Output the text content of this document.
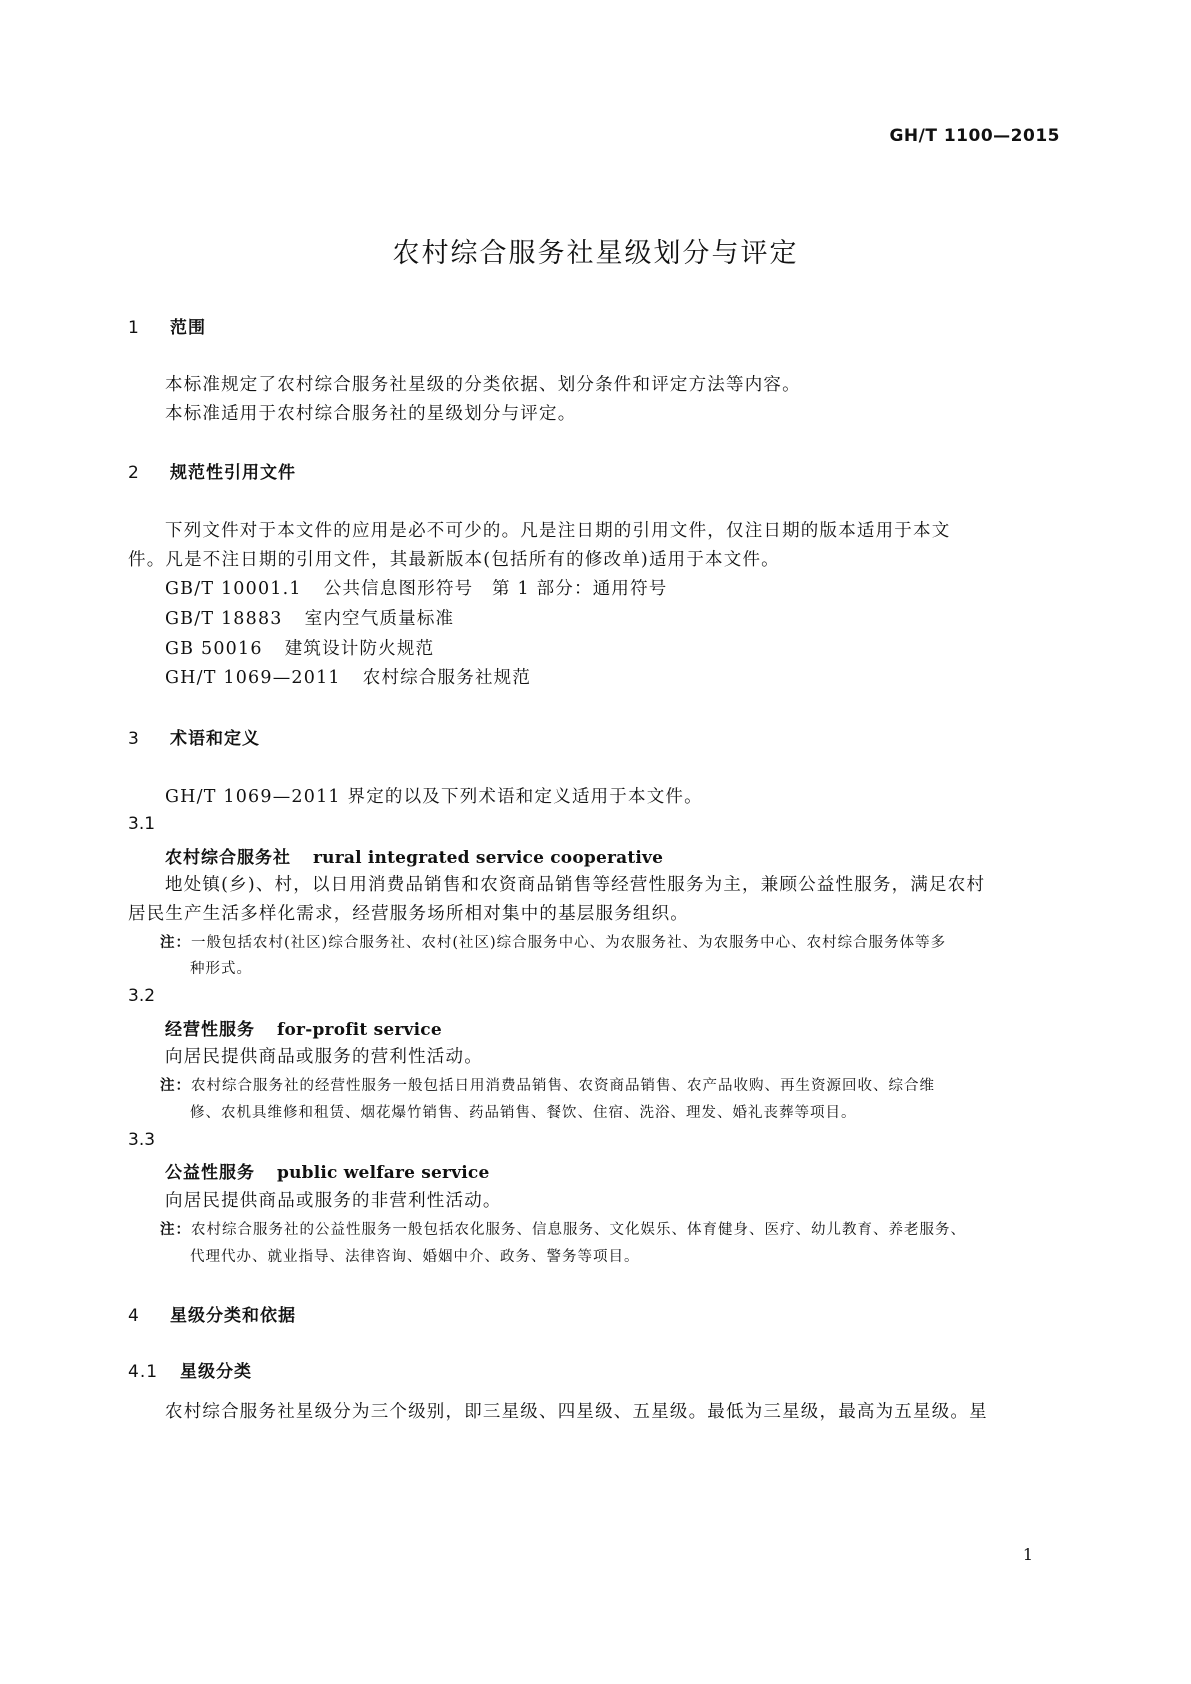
GH/T 1100—2015
农村综合服务社星级划分与评定
1 范围
本标准规定了农村综合服务社星级的分类依据、划分条件和评定方法等内容。
本标准适用于农村综合服务社的星级划分与评定。
2 规范性引用文件
下列文件对于本文件的应用是必不可少的。凡是注日期的引用文件，仅注日期的版本适用于本文
件。凡是不注日期的引用文件，其最新版本(包括所有的修改单)适用于本文件。
GB/T 10001.1 公共信息图形符号　第 1 部分：通用符号
GB/T 18883 室内空气质量标准
GB 50016 建筑设计防火规范
GH/T 1069—2011 农村综合服务社规范
3 术语和定义
GH/T 1069—2011 界定的以及下列术语和定义适用于本文件。
3.1
农村综合服务社 rural integrated service cooperative
地处镇(乡)、村，以日用消费品销售和农资商品销售等经营性服务为主，兼顾公益性服务，满足农村
居民生产生活多样化需求，经营服务场所相对集中的基层服务组织。
注：一般包括农村(社区)综合服务社、农村(社区)综合服务中心、为农服务社、为农服务中心、农村综合服务体等多
种形式。
3.2
经营性服务 for-profit service
向居民提供商品或服务的营利性活动。
注：农村综合服务社的经营性服务一般包括日用消费品销售、农资商品销售、农产品收购、再生资源回收、综合维
修、农机具维修和租赁、烟花爆竹销售、药品销售、餐饮、住宿、洗浴、理发、婚礼丧葬等项目。
3.3
公益性服务 public welfare service
向居民提供商品或服务的非营利性活动。
注：农村综合服务社的公益性服务一般包括农化服务、信息服务、文化娱乐、体育健身、医疗、幼儿教育、养老服务、
代理代办、就业指导、法律咨询、婚姻中介、政务、警务等项目。
4 星级分类和依据
4.1 星级分类
农村综合服务社星级分为三个级别，即三星级、四星级、五星级。最低为三星级，最高为五星级。星
1
